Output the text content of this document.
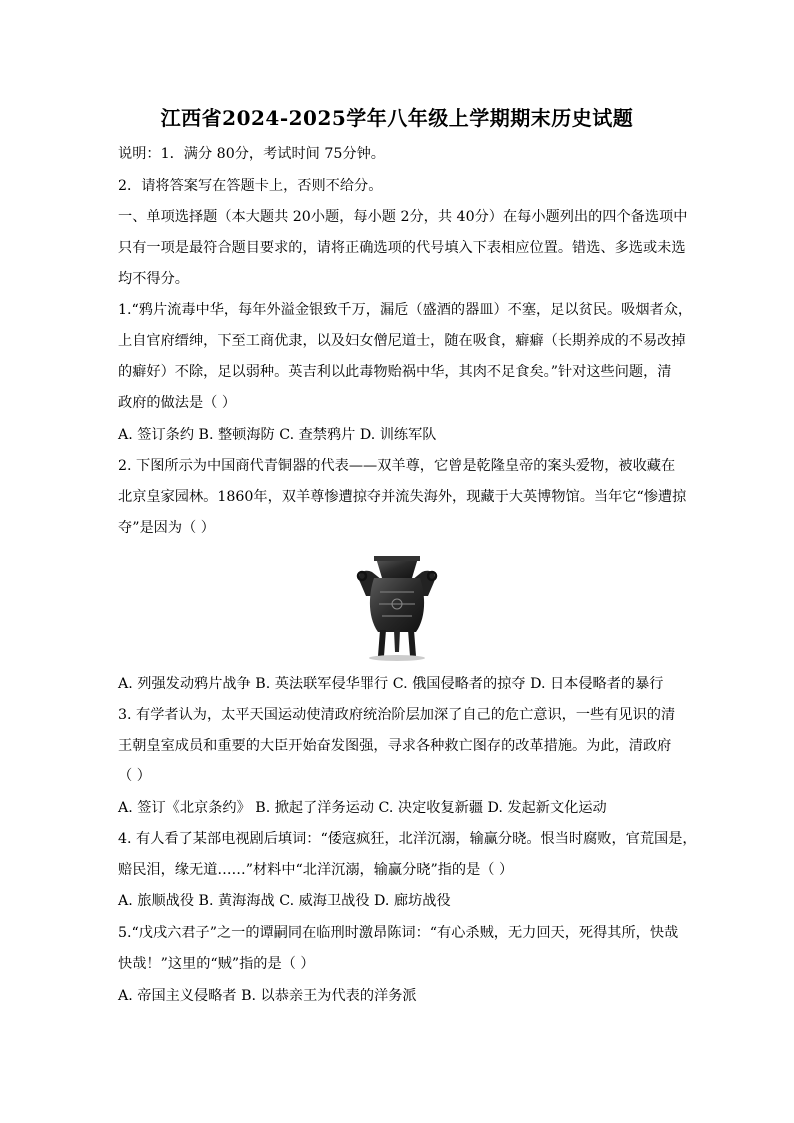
江西省2024-2025学年八年级上学期期末历史试题
说明：1．满分 80分，考试时间 75分钟。
2．请将答案写在答题卡上，否则不给分。
一、单项选择题（本大题共 20小题，每小题 2分，共 40分）在每小题列出的四个备选项中
只有一项是最符合题目要求的，请将正确选项的代号填入下表相应位置。错选、多选或未选
均不得分。
1.“鸦片流毒中华，每年外溢金银致千万，漏卮（盛酒的器皿）不塞，足以贫民。吸烟者众，
上自官府缙绅，下至工商优隶，以及妇女僧尼道士，随在吸食，癖癖（长期养成的不易改掉
的癖好）不除，足以弱种。英吉利以此毒物贻祸中华，其肉不足食矣。”针对这些问题，清
政府的做法是（ ）
A. 签订条约 B. 整顿海防 C. 查禁鸦片 D. 训练军队
2. 下图所示为中国商代青铜器的代表——双羊尊，它曾是乾隆皇帝的案头爱物，被收藏在
北京皇家园林。1860年，双羊尊惨遭掠夺并流失海外，现藏于大英博物馆。当年它“惨遭掠
夺”是因为（ ）
A. 列强发动鸦片战争 B. 英法联军侵华罪行 C. 俄国侵略者的掠夺 D. 日本侵略者的暴行
3. 有学者认为，太平天国运动使清政府统治阶层加深了自己的危亡意识，一些有见识的清
王朝皇室成员和重要的大臣开始奋发图强，寻求各种救亡图存的改革措施。为此，清政府
（ ）
A. 签订《北京条约》 B. 掀起了洋务运动 C. 决定收复新疆 D. 发起新文化运动
4. 有人看了某部电视剧后填词：“倭寇疯狂，北洋沉溺，输赢分晓。恨当时腐败，官荒国是，
赔民泪，缘无道……”材料中“北洋沉溺，输赢分晓”指的是（ ）
A. 旅顺战役 B. 黄海海战 C. 威海卫战役 D. 廊坊战役
5.“戊戌六君子”之一的谭嗣同在临刑时激昂陈词：“有心杀贼，无力回天，死得其所，快哉
快哉！”这里的“贼”指的是（ ）
A. 帝国主义侵略者 B. 以恭亲王为代表的洋务派
